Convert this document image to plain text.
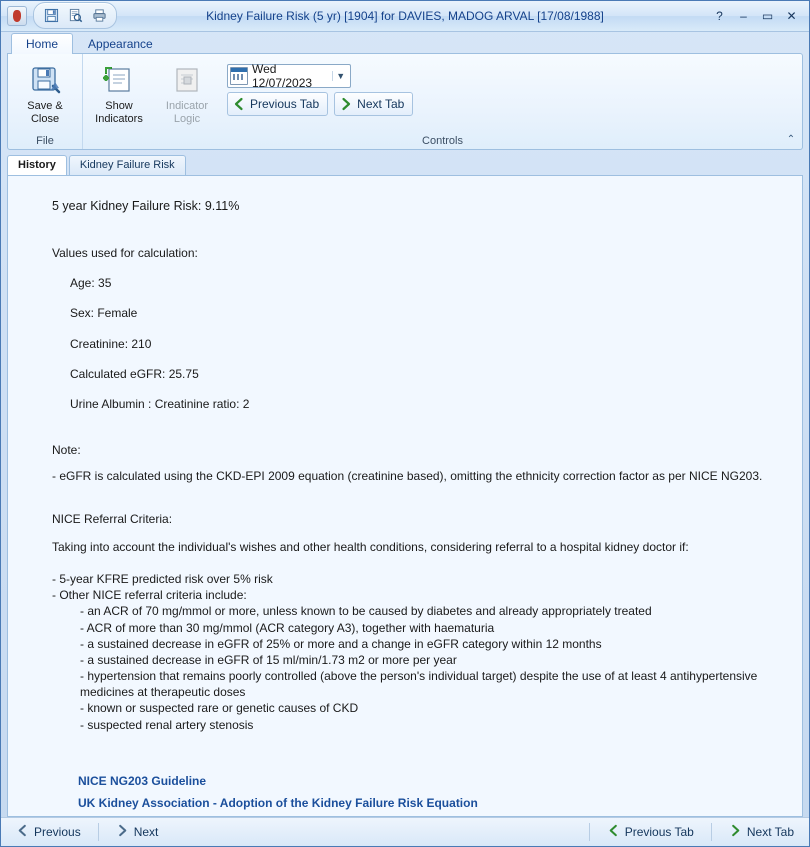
Kidney Failure Risk (5 yr) [1904] for DAVIES, MADOG ARVAL [17/08/1988]	?	–	▭ ✕
Home	Appearance
Save &
Close
File
Show
Indicators
Indicator
Logic
Wed 12/07/2023	▼
Previous Tab	Next Tab
Controls	⌃
History	Kidney Failure Risk
5 year Kidney Failure Risk: 9.11%
Values used for calculation:
Age: 35
Sex: Female
Creatinine: 210
Calculated eGFR: 25.75
Urine Albumin : Creatinine ratio: 2
Note:
- eGFR is calculated using the CKD-EPI 2009 equation (creatinine based), omitting the ethnicity correction factor as per NICE NG203.
NICE Referral Criteria:
Taking into account the individual's wishes and other health conditions, considering referral to a hospital kidney doctor if:
- 5-year KFRE predicted risk over 5% risk
- Other NICE referral criteria include:
- an ACR of 70 mg/mmol or more, unless known to be caused by diabetes and already appropriately treated
- ACR of more than 30 mg/mmol (ACR category A3), together with haematuria
- a sustained decrease in eGFR of 25% or more and a change in eGFR category within 12 months
- a sustained decrease in eGFR of 15 ml/min/1.73 m2 or more per year
- hypertension that remains poorly controlled (above the person's individual target) despite the use of at least 4 antihypertensive medicines at therapeutic doses
- known or suspected rare or genetic causes of CKD
- suspected renal artery stenosis
NICE NG203 Guideline
UK Kidney Association - Adoption of the Kidney Failure Risk Equation
Previous	Next	Previous Tab	Next Tab
